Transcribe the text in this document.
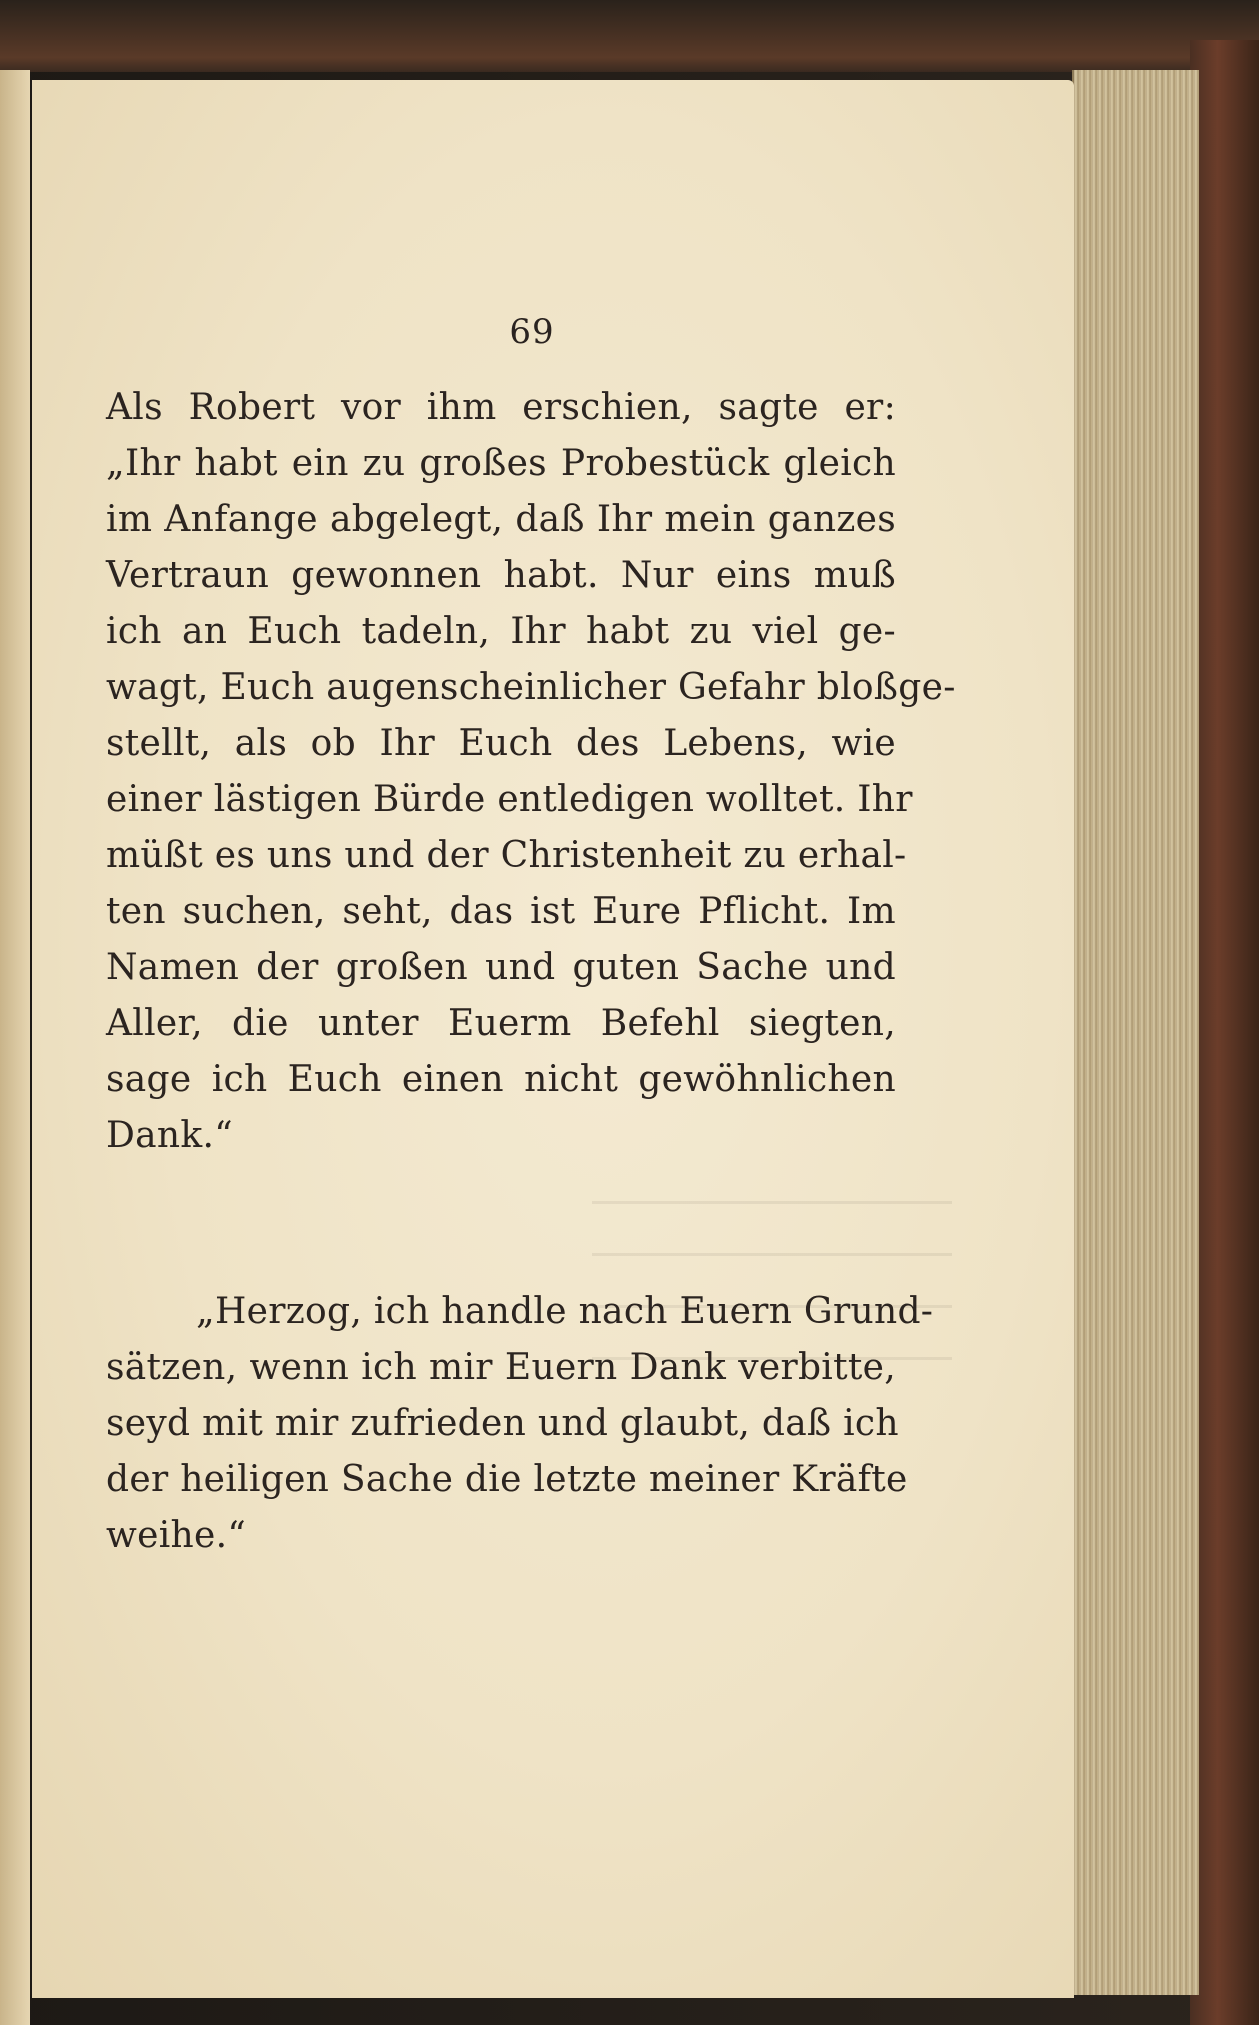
69
Als Robert vor ihm erschien, sagte er:
„Ihr habt ein zu großes Probestück gleich
im Anfange abgelegt, daß Ihr mein ganzes
Vertraun gewonnen habt. Nur eins muß
ich an Euch tadeln, Ihr habt zu viel ge-
wagt, Euch augenscheinlicher Gefahr bloßge-
stellt, als ob Ihr Euch des Lebens, wie
einer lästigen Bürde entledigen wolltet. Ihr
müßt es uns und der Christenheit zu erhal-
ten suchen, seht, das ist Eure Pflicht. Im
Namen der großen und guten Sache und
Aller, die unter Euerm Befehl siegten,
sage ich Euch einen nicht gewöhnlichen
Dank.“
„Herzog, ich handle nach Euern Grund-
sätzen, wenn ich mir Euern Dank verbitte,
seyd mit mir zufrieden und glaubt, daß ich
der heiligen Sache die letzte meiner Kräfte
weihe.“
